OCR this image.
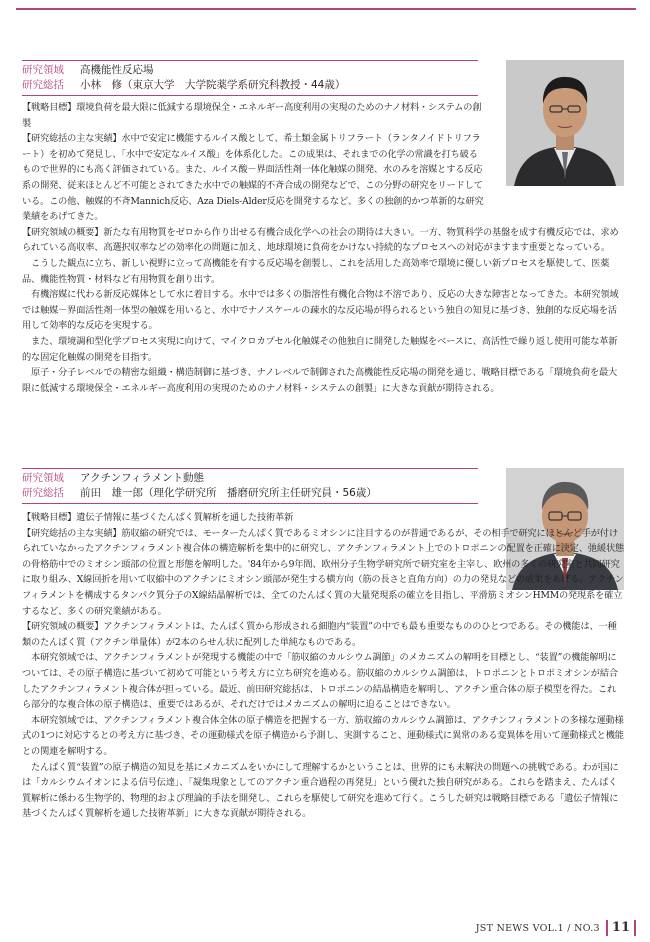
研究領域	高機能性反応場
研究総括	小林　修（東京大学　大学院薬学系研究科教授・44歳）

【戦略目標】環境負荷を最大限に低減する環境保全・エネルギー高度利用の実現のためのナノ材料・システムの創製

【研究総括の主な実績】水中で安定に機能するルイス酸として、希土類金属トリフラート（ランタノイドトリフラート）を初めて発見し、「水中で安定なルイス酸」を体系化した。この成果は、それまでの化学の常識を打ち破るもので世界的にも高く評価されている。また、ルイス酸－界面活性剤一体化触媒の開発、水のみを溶媒とする反応系の開発、従来ほとんど不可能とされてきた水中での触媒的不斉合成の開発などで、この分野の研究をリードしている。この他、触媒的不斉Mannich反応、Aza Diels-Alder反応を開発するなど、多くの独創的かつ革新的な研究業績をあげてきた。

【研究領域の概要】新たな有用物質をゼロから作り出せる有機合成化学への社会の期待は大きい。一方、物質科学の基盤を成す有機反応では、求められている高収率、高選択収率などの効率化の問題に加え、地球環境に負荷をかけない持続的なプロセスへの対応がますます重要となっている。

　こうした観点に立ち、新しい視野に立って高機能を有する反応場を創製し、これを活用した高効率で環境に優しい新プロセスを駆使して、医薬品、機能性物質・材料など有用物質を創り出す。

　有機溶媒に代わる新反応媒体として水に着目する。水中では多くの脂溶性有機化合物は不溶であり、反応の大きな障害となってきた。本研究領域では触媒－界面活性剤一体型の触媒を用いると、水中でナノスケールの疎水的な反応場が得られるという独自の知見に基づき、独創的な反応場を活用して効率的な反応を実現する。

　また、環境調和型化学プロセス実現に向けて、マイクロカプセル化触媒その他独自に開発した触媒をベースに、高活性で繰り返し使用可能な革新的な固定化触媒の開発を目指す。

　原子・分子レベルでの精密な組織・構造制御に基づき、ナノレベルで制御された高機能性反応場の開発を通じ、戦略目標である「環境負荷を最大限に低減する環境保全・エネルギー高度利用の実現のためのナノ材料・システムの創製」に大きな貢献が期待される。

研究領域	アクチンフィラメント動態
研究総括	前田　雄一郎（理化学研究所　播磨研究所主任研究員・56歳）

【戦略目標】遺伝子情報に基づくたんぱく質解析を通した技術革新

【研究総括の主な実績】筋収縮の研究では、モーターたんぱく質であるミオシンに注目するのが普通であるが、その相手で研究にほとんど手が付けられていなかったアクチンフィラメント複合体の構造解析を集中的に研究し、アクチンフィラメント上でのトロポニンの配置を正確に決定、弛緩状態の骨格筋中でのミオシン頭部の位置と形態を解明した。'84年から9年間、欧州分子生物学研究所で研究室を主宰し、欧州の多くの研究室と共同研究に取り組み、X線回折を用いて収縮中のアクチンにミオシン頭部が発生する横方向（筋の長さと直角方向）の力の発見などの成果をあげる。アクチンフィラメントを構成するタンパク質分子のX線結晶解析では、全てのたんぱく質の大量発現系の確立を目指し、平滑筋ミオシンHMMの発現系を確立するなど、多くの研究業績がある。

【研究領域の概要】アクチンフィラメントは、たんぱく質から形成される細胞内“装置”の中でも最も重要なもののひとつである。その機能は、一種類のたんぱく質（アクチン単量体）が2本のらせん状に配列した単純なものである。

　本研究領域では、アクチンフィラメントが発現する機能の中で「筋収縮のカルシウム調節」のメカニズムの解明を目標とし、“装置”の機能解明については、その原子構造に基づいて初めて可能という考え方に立ち研究を進める。筋収縮のカルシウム調節は、トロポニンとトロポミオシンが結合したアクチンフィラメント複合体が担っている。最近、前田研究総括は、トロポニンの結晶構造を解明し、アクチン重合体の原子模型を得た。これら部分的な複合体の原子構造は、重要ではあるが、それだけではメカニズムの解明に迫ることはできない。

　本研究領域では、アクチンフィラメント複合体全体の原子構造を把握する一方、筋収縮のカルシウム調節は、アクチンフィラメントの多様な運動様式の1つに対応するとの考え方に基づき、その運動様式を原子構造から予測し、実測すること、運動様式に異常のある変異体を用いて運動様式と機能との関連を解明する。

　たんぱく質“装置”の原子構造の知見を基にメカニズムをいかにして理解するかということは、世界的にも未解決の問題への挑戦である。わが国には「カルシウムイオンによる信号伝達」、「凝集現象としてのアクチン重合過程の再発見」という優れた独自研究がある。これらを踏まえ、たんぱく質解析に係わる生物学的、物理的および理論的手法を開発し、これらを駆使して研究を進めて行く。こうした研究は戦略目標である「遺伝子情報に基づくたんぱく質解析を通した技術革新」に大きな貢献が期待される。

JST NEWS VOL.1 / NO.3 11
